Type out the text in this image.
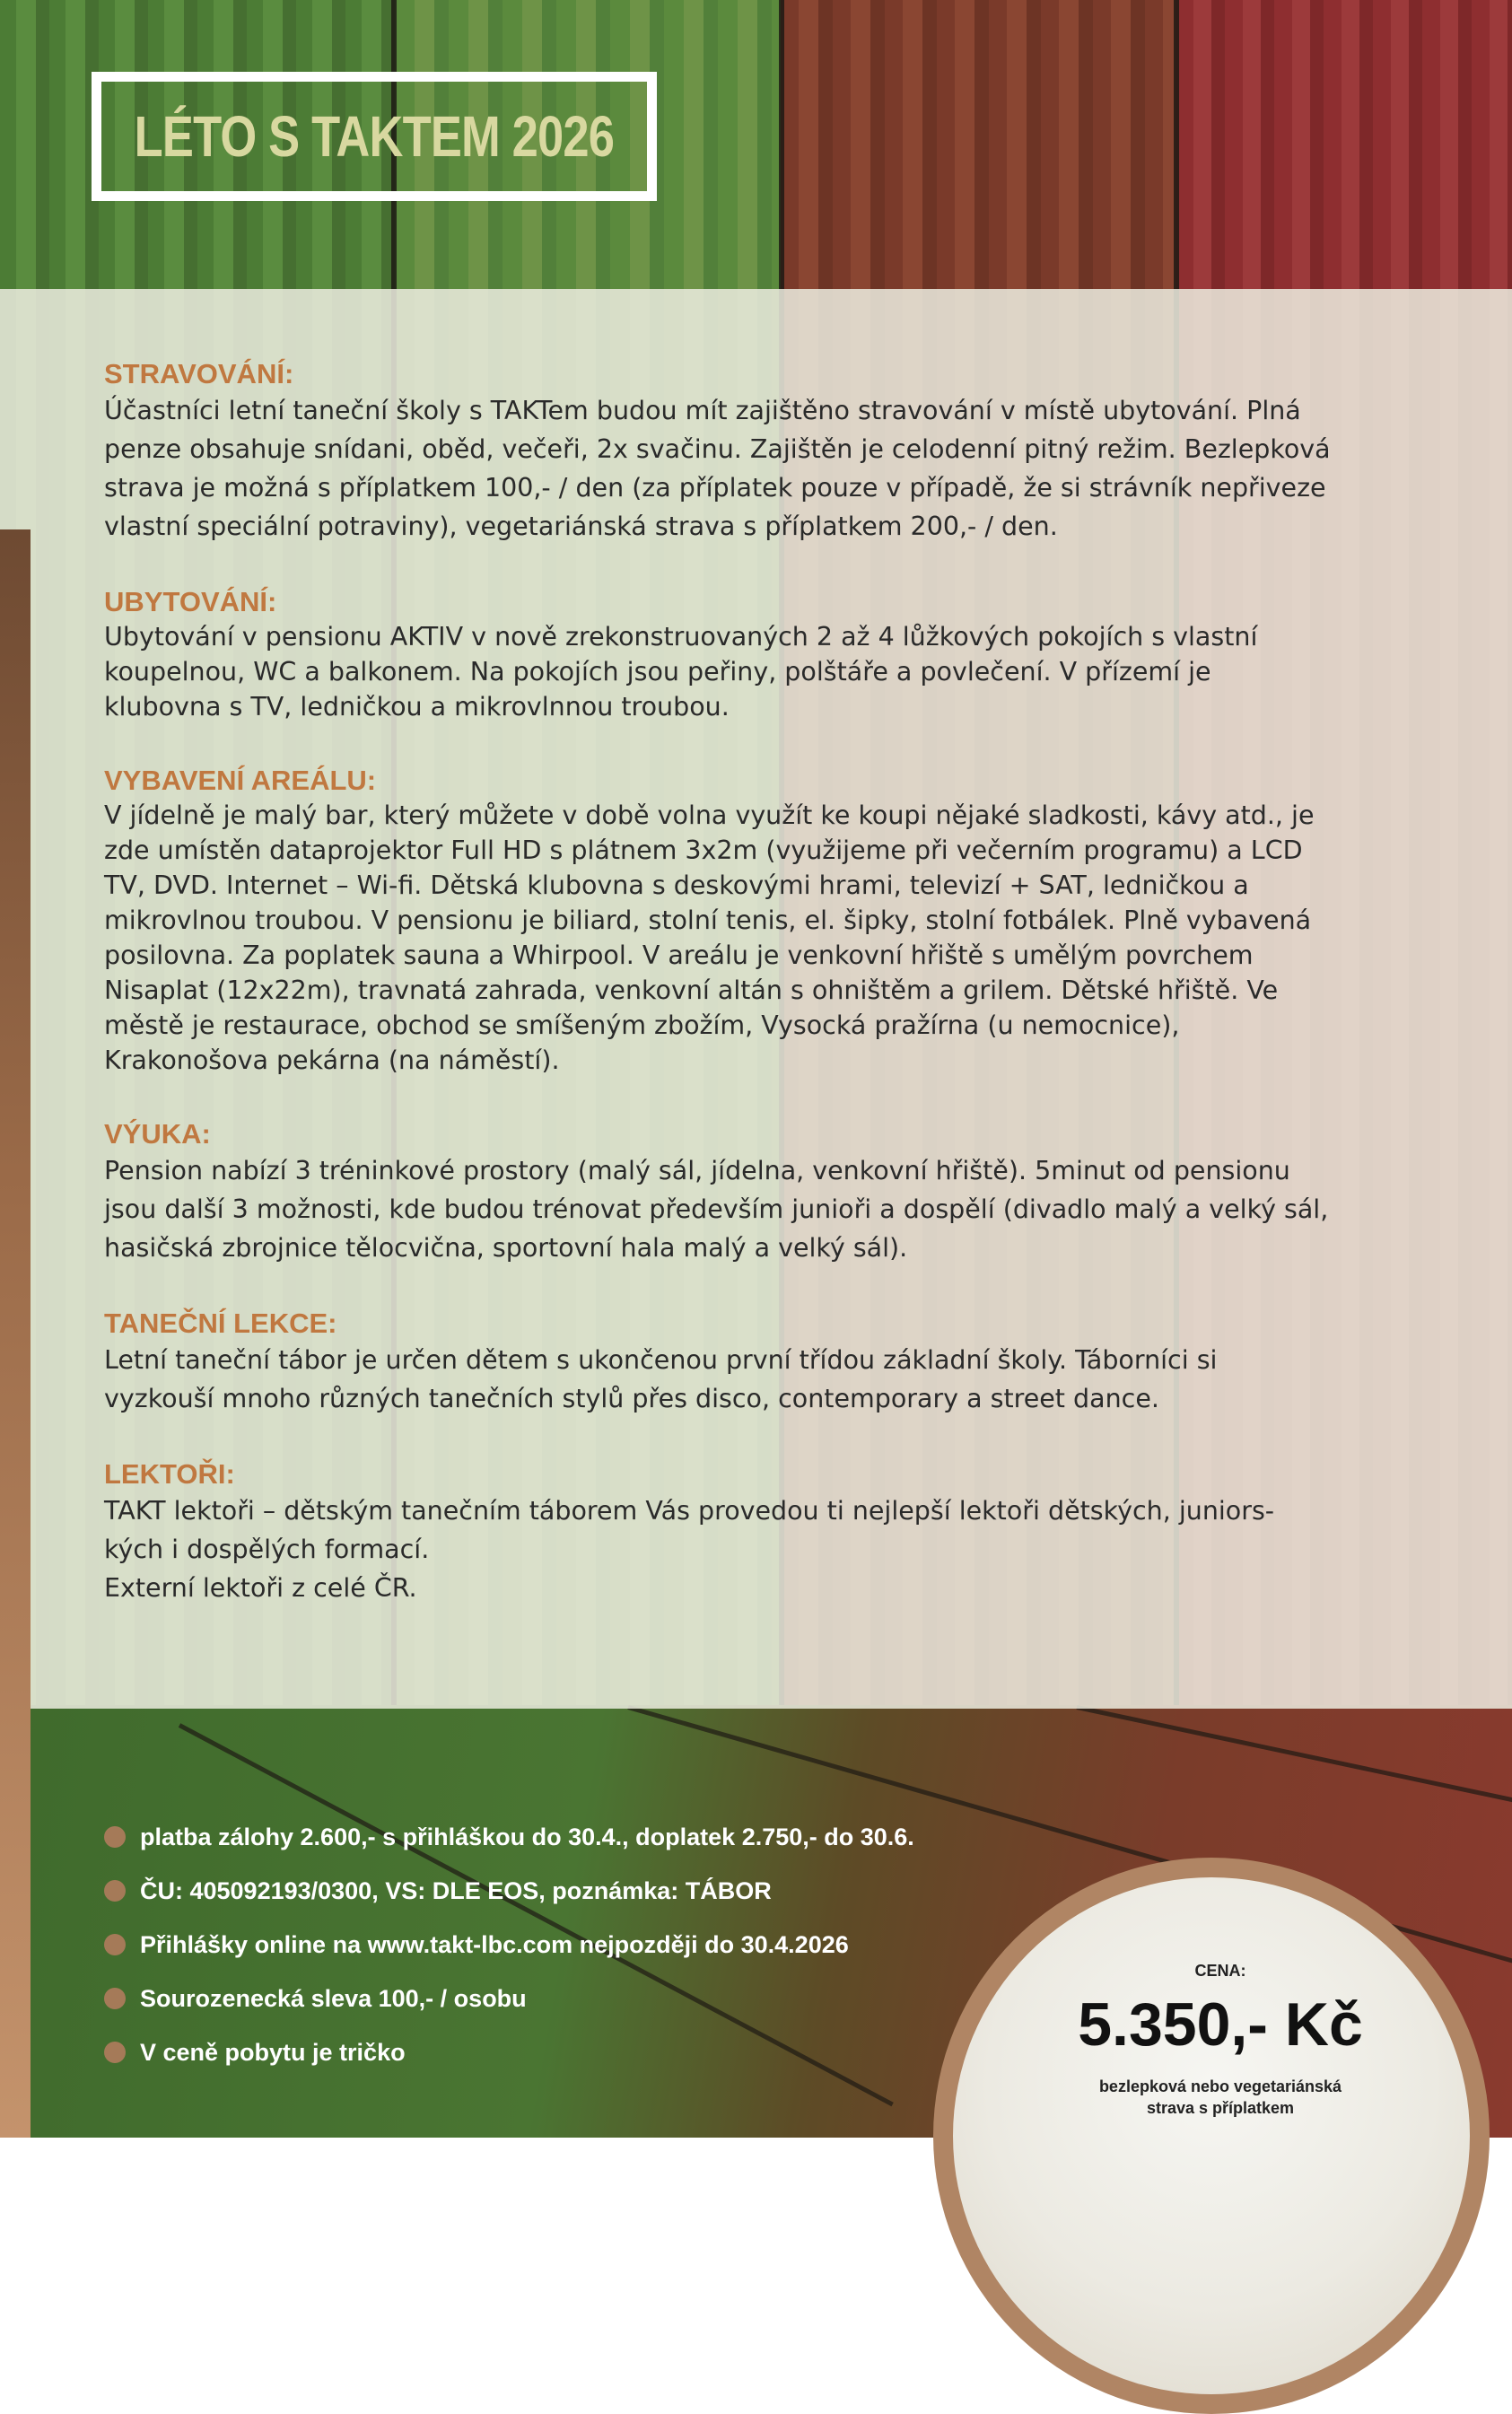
LÉTO S TAKTEM 2026

STRAVOVÁNÍ:

Účastníci letní taneční školy s TAKTem budou mít zajištěno stravování v místě ubytování. Plná
penze obsahuje snídani, oběd, večeři, 2x svačinu. Zajištěn je celodenní pitný režim. Bezlepková
strava je možná s příplatkem 100,- / den (za příplatek pouze v případě, že si strávník nepřiveze
vlastní speciální potraviny), vegetariánská strava s příplatkem 200,- / den.

UBYTOVÁNÍ:

Ubytování v pensionu AKTIV v nově zrekonstruovaných 2 až 4 lůžkových pokojích s vlastní
koupelnou, WC a balkonem. Na pokojích jsou peřiny, polštáře a povlečení. V přízemí je
klubovna s TV, ledničkou a mikrovlnnou troubou.

VYBAVENÍ AREÁLU:

V jídelně je malý bar, který můžete v době volna využít ke koupi nějaké sladkosti, kávy atd., je
zde umístěn dataprojektor Full HD s plátnem 3x2m (využijeme při večerním programu) a LCD
TV, DVD. Internet – Wi-fi. Dětská klubovna s deskovými hrami, televizí + SAT, ledničkou a
mikrovlnou troubou. V pensionu je biliard, stolní tenis, el. šipky, stolní fotbálek. Plně vybavená
posilovna. Za poplatek sauna a Whirpool. V areálu je venkovní hřiště s umělým povrchem
Nisaplat (12x22m), travnatá zahrada, venkovní altán s ohništěm a grilem. Dětské hřiště. Ve
městě je restaurace, obchod se smíšeným zbožím, Vysocká pražírna (u nemocnice),
Krakonošova pekárna (na náměstí).

VÝUKA:

Pension nabízí 3 tréninkové prostory (malý sál, jídelna, venkovní hřiště). 5minut od pensionu
jsou další 3 možnosti, kde budou trénovat především junioři a dospělí (divadlo malý a velký sál,
hasičská zbrojnice tělocvična, sportovní hala malý a velký sál).

TANEČNÍ LEKCE:

Letní taneční tábor je určen dětem s ukončenou první třídou základní školy. Táborníci si
vyzkouší mnoho různých tanečních stylů přes disco, contemporary a street dance.

LEKTOŘI:

TAKT lektoři – dětským tanečním táborem Vás provedou ti nejlepší lektoři dětských, juniors-
kých i dospělých formací.
Externí lektoři z celé ČR.

platba zálohy 2.600,- s přihláškou do 30.4., doplatek 2.750,- do 30.6.
ČU: 405092193/0300, VS: DLE EOS, poznámka: TÁBOR
Přihlášky online na www.takt-lbc.com nejpozději do 30.4.2026
Sourozenecká sleva 100,- / osobu
V ceně pobytu je tričko

CENA:

5.350,- Kč

bezlepková nebo vegetariánská
strava s příplatkem
